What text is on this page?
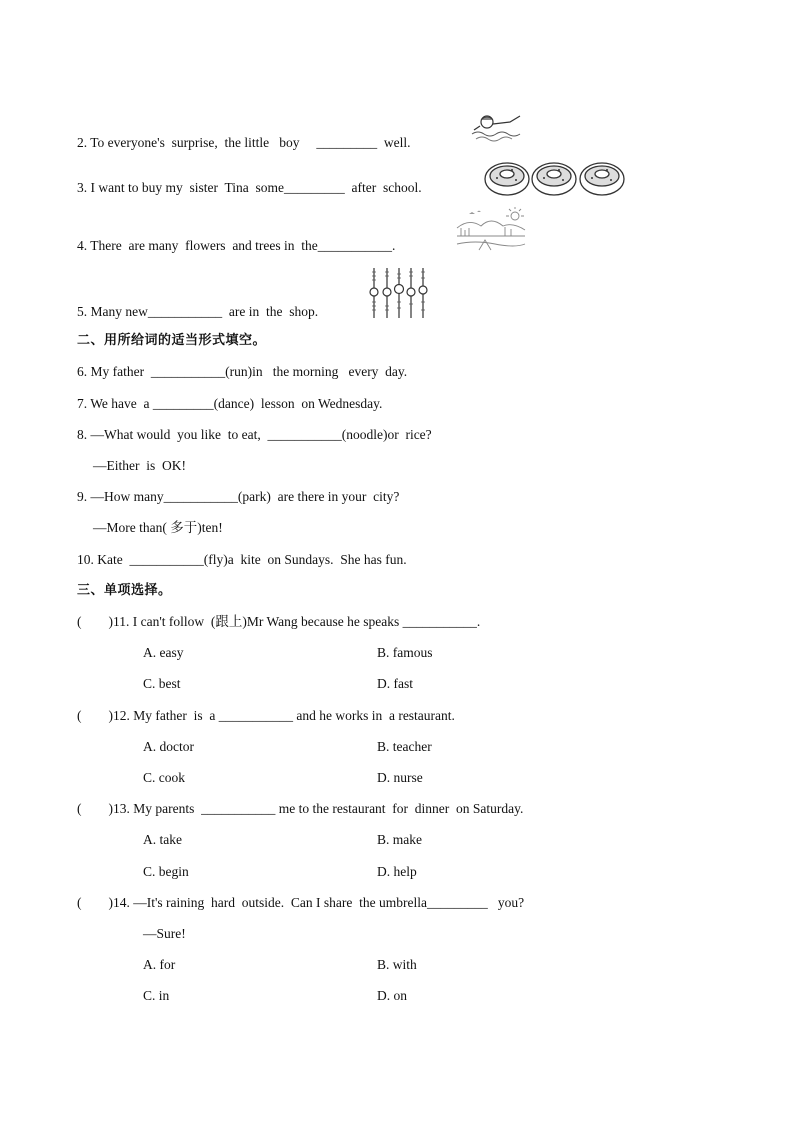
2. To everyone's  surprise,  the little   boy     _________  well.
3. I want to buy my  sister  Tina  some_________  after  school.
4. There  are many  flowers  and trees in  the___________.
5. Many new___________  are in  the  shop.
二、用所给词的适当形式填空。
6. My father  ___________(run)in   the morning   every  day.
7. We have  a _________(dance)  lesson  on Wednesday.
8. —What would  you like  to eat,  ___________(noodle)or  rice?
—Either  is  OK!
9. —How many___________(park)  are there in your  city?
—More than( 多于)ten!
10. Kate  ___________(fly)a  kite  on Sundays.  She has fun.
三、单项选择。
(        )11. I can't follow  (跟上)Mr Wang because he speaks ___________.
A. easy	B. famous
C. best	D. fast
(        )12. My father  is  a ___________ and he works in  a restaurant.
A. doctor	B. teacher
C. cook	D. nurse
(        )13. My parents  ___________ me to the restaurant  for  dinner  on Saturday.
A. take	B. make
C. begin	D. help
(        )14. —It's raining  hard  outside.  Can I share  the umbrella_________   you?
—Sure!
A. for	B. with
C. in	D. on
